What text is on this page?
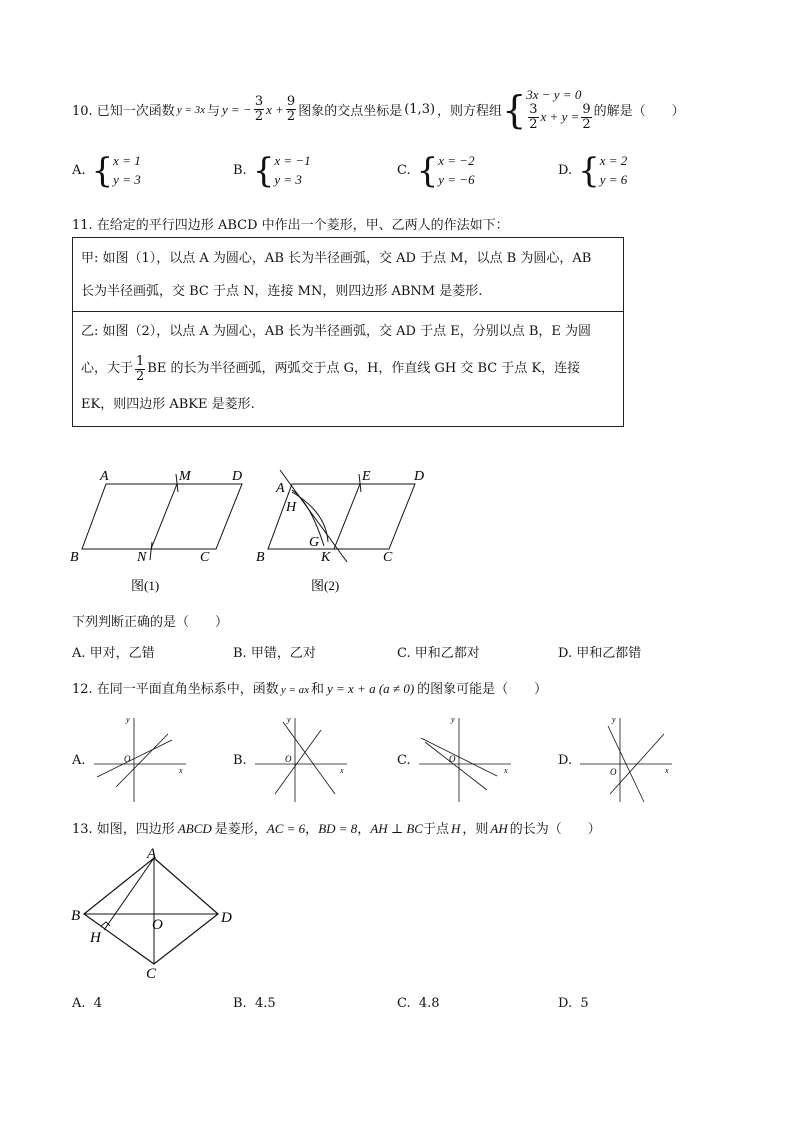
10. 已知一次函数 y = 3x 与 y = − $\frac{3}{2}$ $x + \frac{9}{2}$ 图象的交点坐标是 (1,3) ，则方程组 { 3x − y = 0
$\frac{3}{2}$ $x + y = \frac{9}{2}$ 的解是（　　）
A. { x = 1
y = 3
B. { x = −1
y = 3
C. { x = −2
y = −6
D. { x = 2
y = 6
11. 在给定的平行四边形 ABCD 中作出一个菱形，甲、乙两人的作法如下：
甲: 如图（1），以点 A 为圆心，AB 长为半径画弧，交 AD 于点 M，以点 B 为圆心，AB
长为半径画弧，交 BC 于点 N，连接 MN，则四边形 ABNM 是菱形.
乙: 如图（2），以点 A 为圆心，AB 长为半径画弧，交 AD 于点 E，分别以点 B，E 为圆
心，大于 $\frac{1}{2}$ BE 的长为半径画弧，两弧交于点 G，H，作直线 GH 交 BC 于点 K，连接
EK，则四边形 ABKE 是菱形.
A	M	D
B	N	C
图(1)
A
E	D
H
G
B	K	C
图(2)
下列判断正确的是（　　）
A. 甲对，乙错	B. 甲错，乙对	C. 甲和乙都对	D. 甲和乙都错
12. 在同一平面直角坐标系中，函数 y = ax 和 y = x + a (a ≠ 0) 的图象可能是（　　）
A.
y
x
O	B.
y
x
O	C.
y
x
O	D.
y
x
O
13. 如图，四边形 ABCD 是菱形，AC = 6，BD = 8，AH ⊥ BC于点 H ，则 AH 的长为（　　）
A
B	D
O
H
C
A. 4	B. 4.5	C. 4.8	D. 5
